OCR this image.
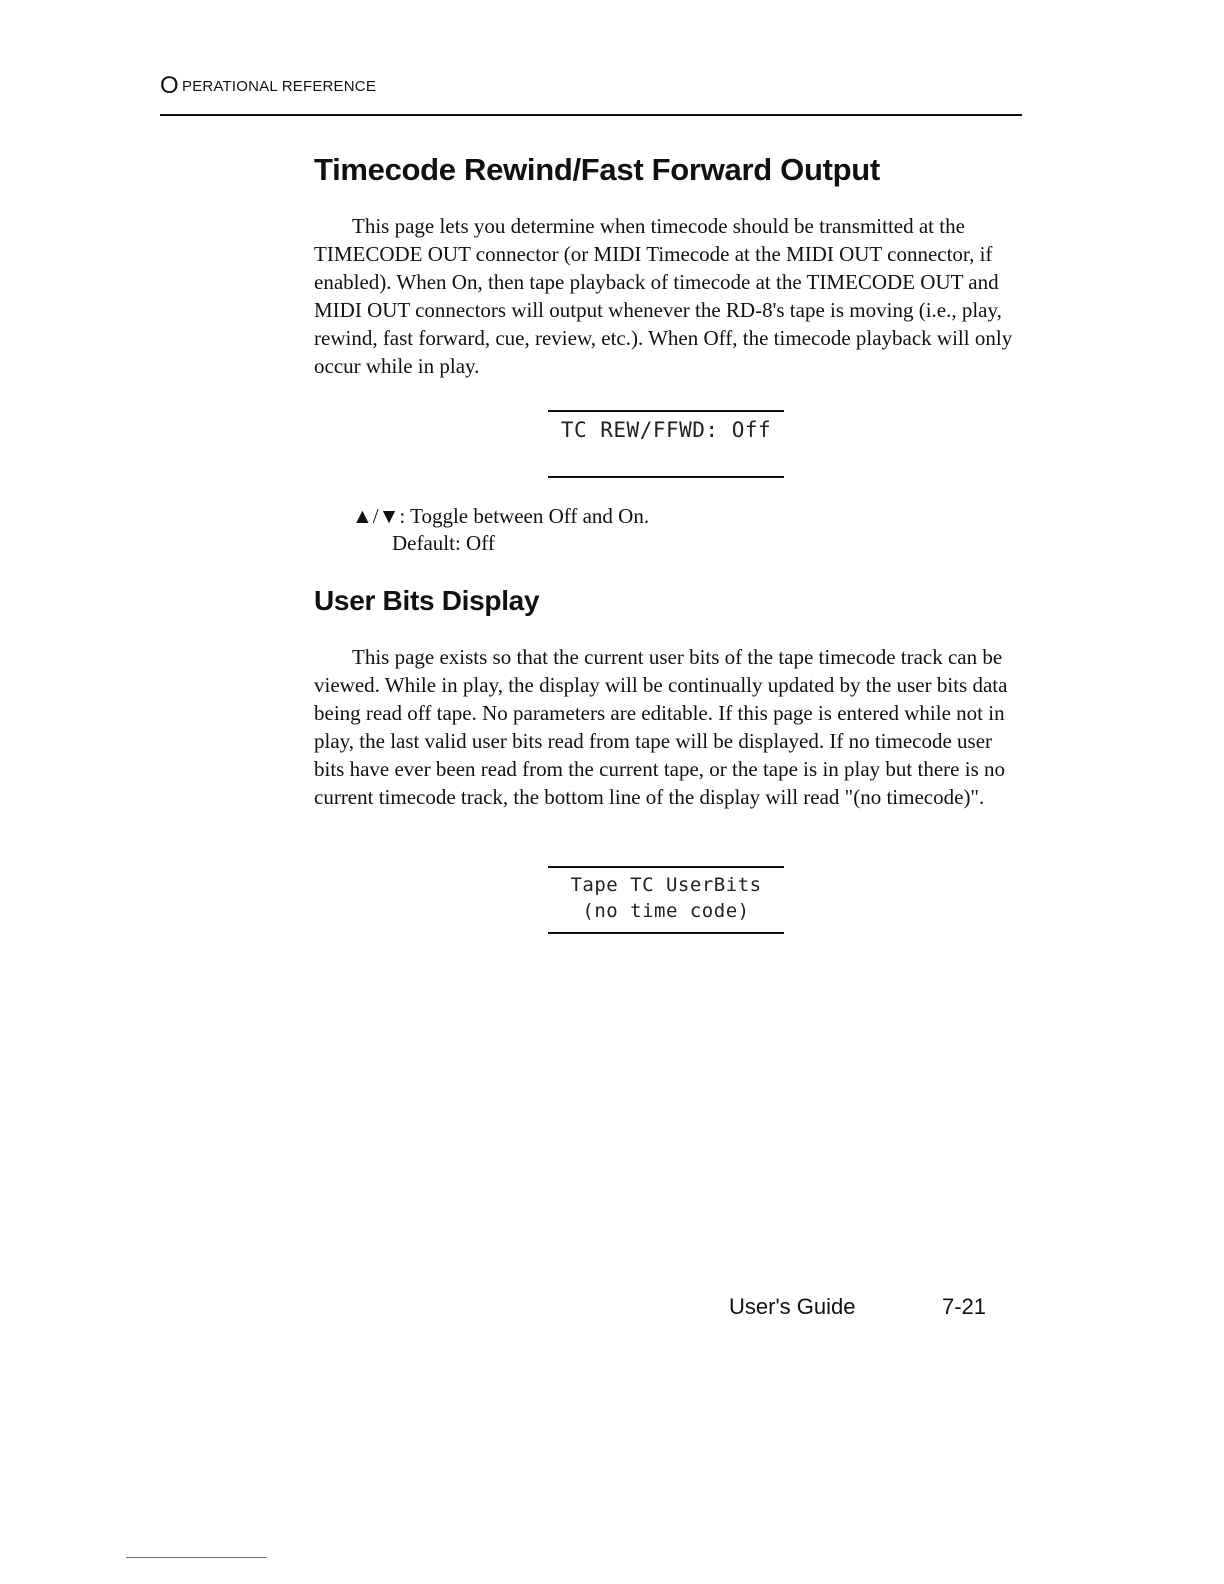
O PERATIONAL REFERENCE
Timecode Rewind/Fast Forward Output

This page lets you determine when timecode should be transmitted at the TIMECODE OUT connector (or MIDI Timecode at the MIDI OUT connector, if enabled). When On, then tape playback of timecode at the TIMECODE OUT and MIDI OUT connectors will output whenever the RD-8's tape is moving (i.e., play, rewind, fast forward, cue, review, etc.). When Off, the timecode playback will only occur while in play.

TC REW/FFWD: Off
▲/▼: Toggle between Off and On.
Default: Off
User Bits Display

This page exists so that the current user bits of the tape timecode track can be viewed. While in play, the display will be continually updated by the user bits data being read off tape. No parameters are editable. If this page is entered while not in play, the last valid user bits read from tape will be displayed. If no timecode user bits have ever been read from the current tape, or the tape is in play but there is no current timecode track, the bottom line of the display will read "(no timecode)".

Tape TC UserBits
(no time code)
User's Guide	7-21
